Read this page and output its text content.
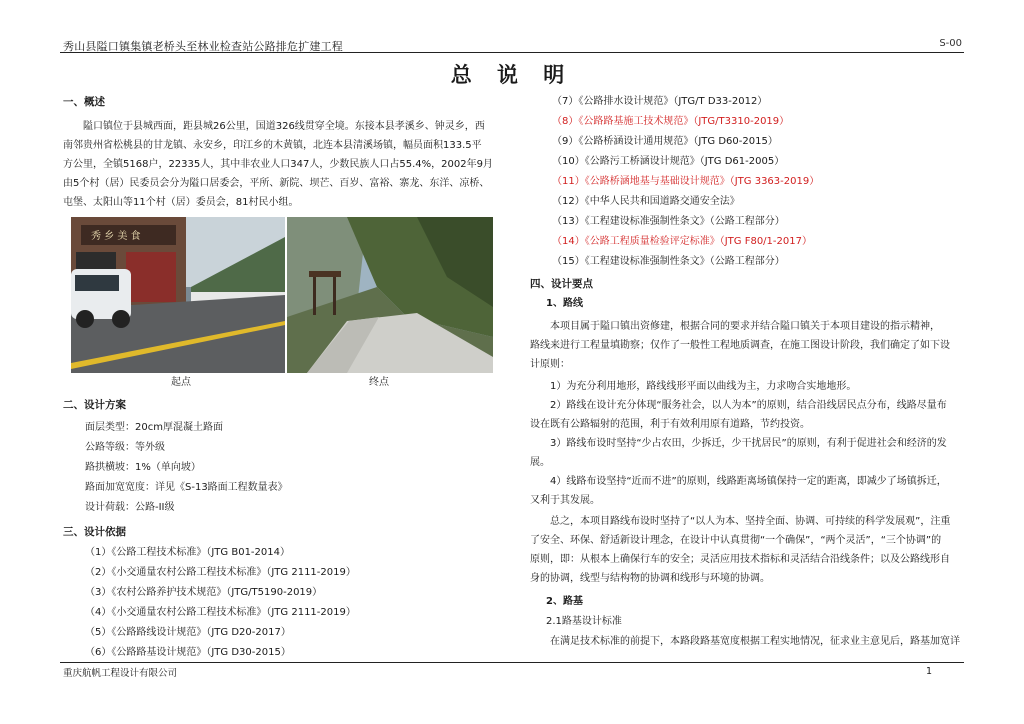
秀山县隘口镇集镇老桥头至林业检查站公路排危扩建工程	S-00
总 说 明

一、概述

隘口镇位于县城西面，距县城26公里，国道326线贯穿全境。东接本县孝溪乡、钟灵乡，西
南邻贵州省松桃县的甘龙镇、永安乡，印江乡的木黄镇，北连本县清溪场镇，幅员面积133.5平
方公里，全镇5168户，22335人，其中非农业人口347人，少数民族人口占55.4%，2002年9月
由5个村（居）民委员会分为隘口居委会，平所、新院、坝芒、百岁、富裕、寨龙、东洋、凉桥、
屯堡、太阳山等11个村（居）委员会，81村民小组。
秀 乡 美 食
起点	终点

二、设计方案

面层类型：20cm厚混凝土路面
公路等级：等外级
路拱横坡：1%（单向坡）
路面加宽宽度：详见《S-13路面工程数量表》
设计荷载：公路-II级

三、设计依据

（1）《公路工程技术标准》（JTG B01-2014）
（2）《小交通量农村公路工程技术标准》（JTG 2111-2019）
（3）《农村公路养护技术规范》（JTG/T5190-2019）
（4）《小交通量农村公路工程技术标准》（JTG 2111-2019）
（5）《公路路线设计规范》（JTG D20-2017）
（6）《公路路基设计规范》（JTG D30-2015）
（7）《公路排水设计规范》（JTG/T D33-2012）
（8）《公路路基施工技术规范》（JTG/T3310-2019）
（9）《公路桥涵设计通用规范》（JTG D60-2015）
（10）《公路污工桥涵设计规范》（JTG D61-2005）
（11）《公路桥涵地基与基础设计规范》（JTG 3363-2019）
（12）《中华人民共和国道路交通安全法》
（13）《工程建设标准强制性条文》（公路工程部分）
（14）《公路工程质量检验评定标准》（JTG F80/1-2017）
（15）《工程建设标准强制性条文》（公路工程部分）

四、设计要点

1、路线
本项目属于隘口镇出资修建，根据合同的要求并结合隘口镇关于本项目建设的指示精神，
路线来进行工程量填勘察；仅作了一般性工程地质调查，在施工图设计阶段，我们确定了如下设
计原则：
1）为充分利用地形，路线线形平面以曲线为主，力求吻合实地地形。
2）路线在设计充分体现“服务社会，以人为本”的原则，结合沿线居民点分布，线路尽量布
设在既有公路辐射的范围，利于有效利用原有道路，节约投资。
3）路线布设时坚持“少占农田，少拆迁，少干扰居民”的原则，有利于促进社会和经济的发
展。
4）线路布设坚持“近而不进”的原则，线路距离场镇保持一定的距离，即减少了场镇拆迁，
又利于其发展。
总之，本项目路线布设时坚持了“以人为本、坚持全面、协调、可持续的科学发展观”，注重
了安全、环保、舒适新设计理念，在设计中认真贯彻“一个确保”，“两个灵活”，“三个协调”的
原则，即：从根本上确保行车的安全；灵活应用技术指标和灵活结合沿线条件；以及公路线形自
身的协调，线型与结构物的协调和线形与环境的协调。
2、路基
2.1路基设计标准
在满足技术标准的前提下，本路段路基宽度根据工程实地情况，征求业主意见后，路基加宽详
重庆航帆工程设计有限公司	1
